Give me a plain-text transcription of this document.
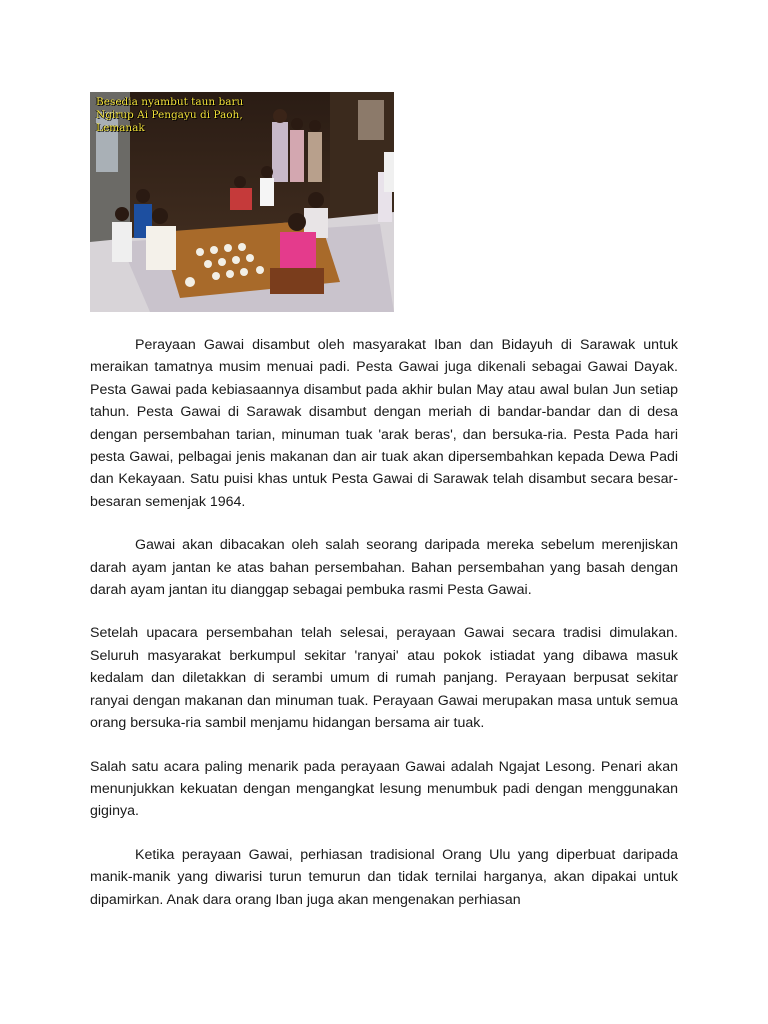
Besedia nyambut taun baru
Ngirup Ai Pengayu di Paoh,
Lemanak

Perayaan Gawai disambut oleh masyarakat Iban dan Bidayuh di Sarawak untuk meraikan tamatnya musim menuai padi. Pesta Gawai juga dikenali sebagai Gawai Dayak. Pesta Gawai pada kebiasaannya disambut pada akhir bulan May atau awal bulan Jun setiap tahun. Pesta Gawai di Sarawak disambut dengan meriah di bandar-bandar dan di desa dengan persembahan tarian, minuman tuak 'arak beras', dan bersuka-ria. Pesta Pada hari pesta Gawai, pelbagai jenis makanan dan air tuak akan dipersembahkan kepada Dewa Padi dan Kekayaan. Satu puisi khas untuk Pesta Gawai di Sarawak telah disambut secara besar-besaran semenjak 1964.

Gawai akan dibacakan oleh salah seorang daripada mereka sebelum merenjiskan darah ayam jantan ke atas bahan persembahan. Bahan persembahan yang basah dengan darah ayam jantan itu dianggap sebagai pembuka rasmi Pesta Gawai.

Setelah upacara persembahan telah selesai, perayaan Gawai secara tradisi dimulakan. Seluruh masyarakat berkumpul sekitar 'ranyai' atau pokok istiadat yang dibawa masuk kedalam dan diletakkan di serambi umum di rumah panjang. Perayaan berpusat sekitar ranyai dengan makanan dan minuman tuak. Perayaan Gawai merupakan masa untuk semua orang bersuka-ria sambil menjamu hidangan bersama air tuak.

Salah satu acara paling menarik pada perayaan Gawai adalah Ngajat Lesong. Penari akan menunjukkan kekuatan dengan mengangkat lesung menumbuk padi dengan menggunakan giginya.

Ketika perayaan Gawai, perhiasan tradisional Orang Ulu yang diperbuat daripada manik-manik yang diwarisi turun temurun dan tidak ternilai harganya, akan dipakai untuk dipamirkan. Anak dara orang Iban juga akan mengenakan perhiasan
